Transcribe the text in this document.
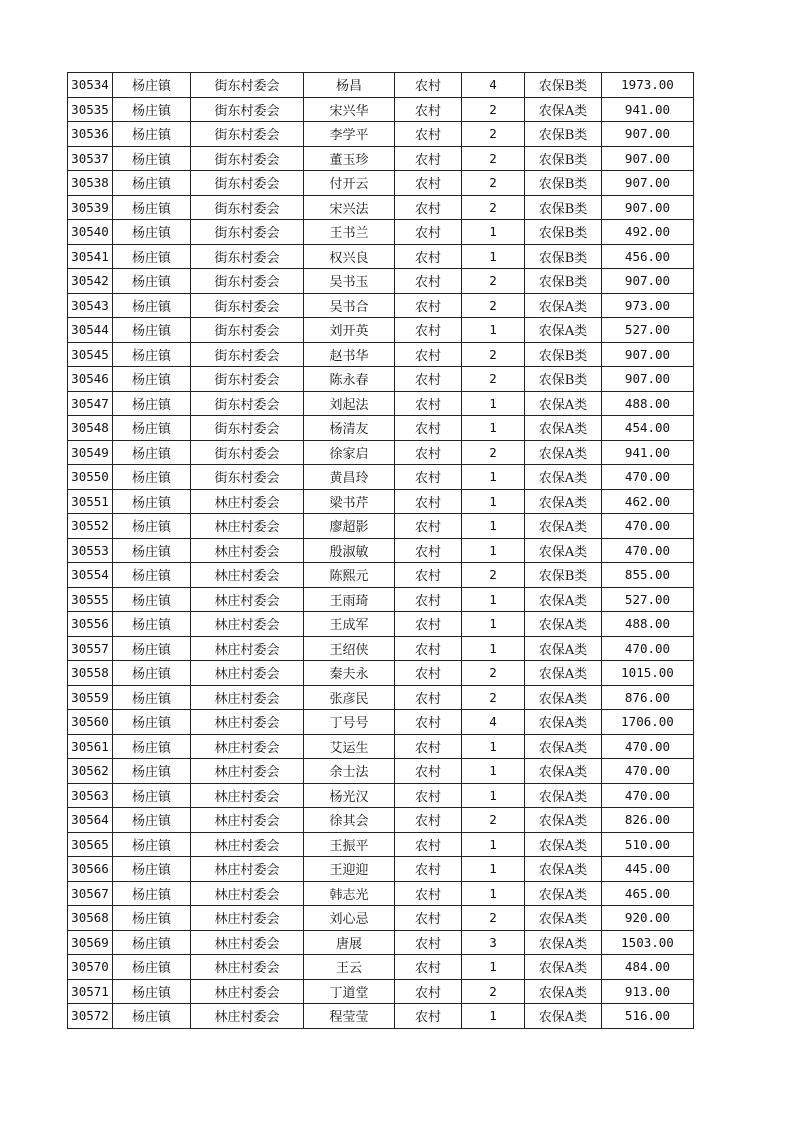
30534	杨庄镇	街东村委会	杨昌	农村	4	农保B类	1973.00
30535	杨庄镇	街东村委会	宋兴华	农村	2	农保A类	941.00
30536	杨庄镇	街东村委会	李学平	农村	2	农保B类	907.00
30537	杨庄镇	街东村委会	董玉珍	农村	2	农保B类	907.00
30538	杨庄镇	街东村委会	付开云	农村	2	农保B类	907.00
30539	杨庄镇	街东村委会	宋兴法	农村	2	农保B类	907.00
30540	杨庄镇	街东村委会	王书兰	农村	1	农保B类	492.00
30541	杨庄镇	街东村委会	权兴良	农村	1	农保B类	456.00
30542	杨庄镇	街东村委会	吴书玉	农村	2	农保B类	907.00
30543	杨庄镇	街东村委会	吴书合	农村	2	农保A类	973.00
30544	杨庄镇	街东村委会	刘开英	农村	1	农保A类	527.00
30545	杨庄镇	街东村委会	赵书华	农村	2	农保B类	907.00
30546	杨庄镇	街东村委会	陈永春	农村	2	农保B类	907.00
30547	杨庄镇	街东村委会	刘起法	农村	1	农保A类	488.00
30548	杨庄镇	街东村委会	杨清友	农村	1	农保A类	454.00
30549	杨庄镇	街东村委会	徐家启	农村	2	农保A类	941.00
30550	杨庄镇	街东村委会	黄昌玲	农村	1	农保A类	470.00
30551	杨庄镇	林庄村委会	梁书芹	农村	1	农保A类	462.00
30552	杨庄镇	林庄村委会	廖超影	农村	1	农保A类	470.00
30553	杨庄镇	林庄村委会	殷淑敏	农村	1	农保A类	470.00
30554	杨庄镇	林庄村委会	陈熙元	农村	2	农保B类	855.00
30555	杨庄镇	林庄村委会	王雨琦	农村	1	农保A类	527.00
30556	杨庄镇	林庄村委会	王成军	农村	1	农保A类	488.00
30557	杨庄镇	林庄村委会	王绍侠	农村	1	农保A类	470.00
30558	杨庄镇	林庄村委会	秦夫永	农村	2	农保A类	1015.00
30559	杨庄镇	林庄村委会	张彦民	农村	2	农保A类	876.00
30560	杨庄镇	林庄村委会	丁号号	农村	4	农保A类	1706.00
30561	杨庄镇	林庄村委会	艾运生	农村	1	农保A类	470.00
30562	杨庄镇	林庄村委会	余士法	农村	1	农保A类	470.00
30563	杨庄镇	林庄村委会	杨光汉	农村	1	农保A类	470.00
30564	杨庄镇	林庄村委会	徐其会	农村	2	农保A类	826.00
30565	杨庄镇	林庄村委会	王振平	农村	1	农保A类	510.00
30566	杨庄镇	林庄村委会	王迎迎	农村	1	农保A类	445.00
30567	杨庄镇	林庄村委会	韩志光	农村	1	农保A类	465.00
30568	杨庄镇	林庄村委会	刘心忌	农村	2	农保A类	920.00
30569	杨庄镇	林庄村委会	唐展	农村	3	农保A类	1503.00
30570	杨庄镇	林庄村委会	王云	农村	1	农保A类	484.00
30571	杨庄镇	林庄村委会	丁道堂	农村	2	农保A类	913.00
30572	杨庄镇	林庄村委会	程莹莹	农村	1	农保A类	516.00
